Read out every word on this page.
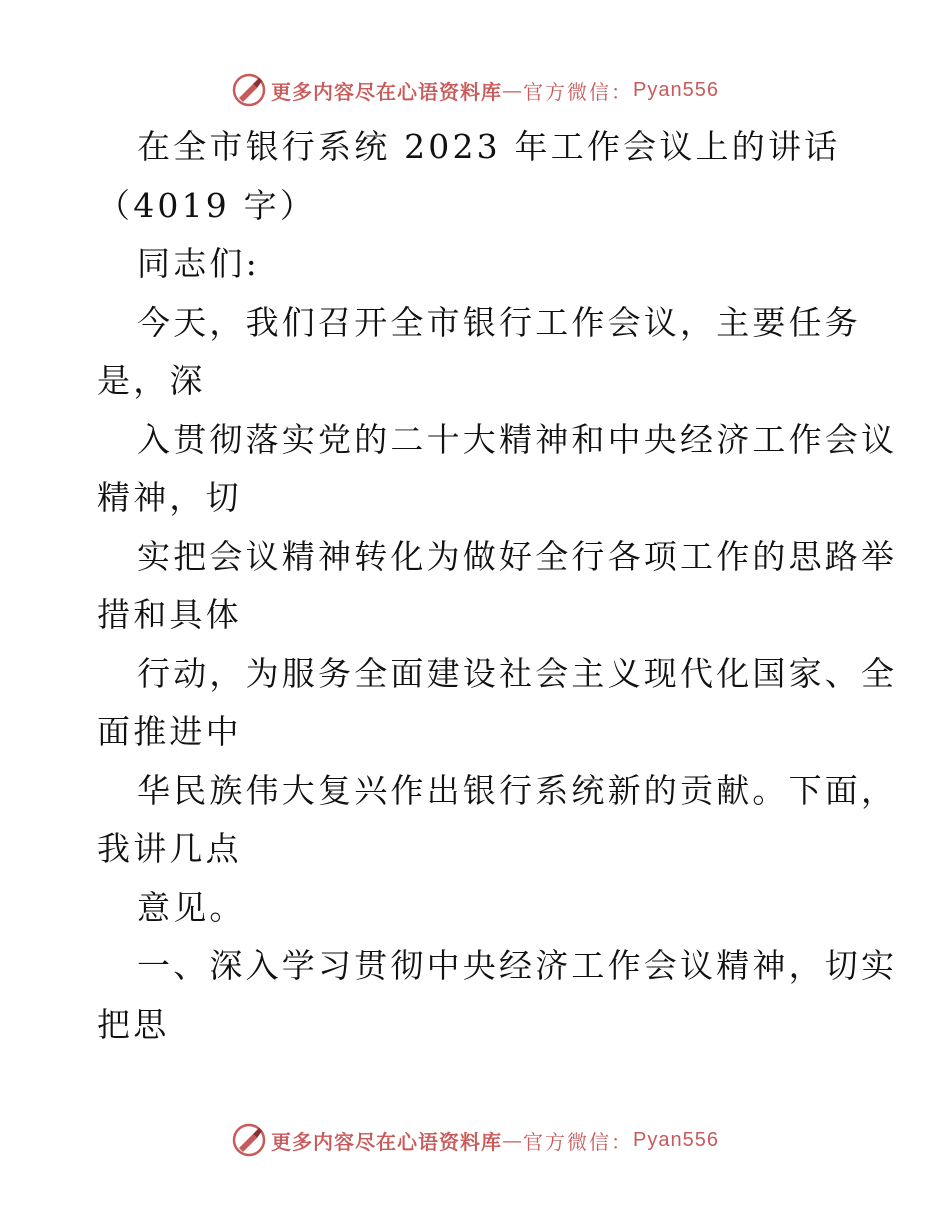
更多内容尽在心语资料库 — 官方微信： Pyan556
在全市银行系统 2023 年工作会议上的讲话
（4019 字）
同志们:
今天，我们召开全市银行工作会议，主要任务
是，深
入贯彻落实党的二十大精神和中央经济工作会议
精神，切
实把会议精神转化为做好全行各项工作的思路举
措和具体
行动，为服务全面建设社会主义现代化国家、全
面推进中
华民族伟大复兴作出银行系统新的贡献。下面，
我讲几点
意见。
一、深入学习贯彻中央经济工作会议精神，切实
把思
更多内容尽在心语资料库 — 官方微信： Pyan556
